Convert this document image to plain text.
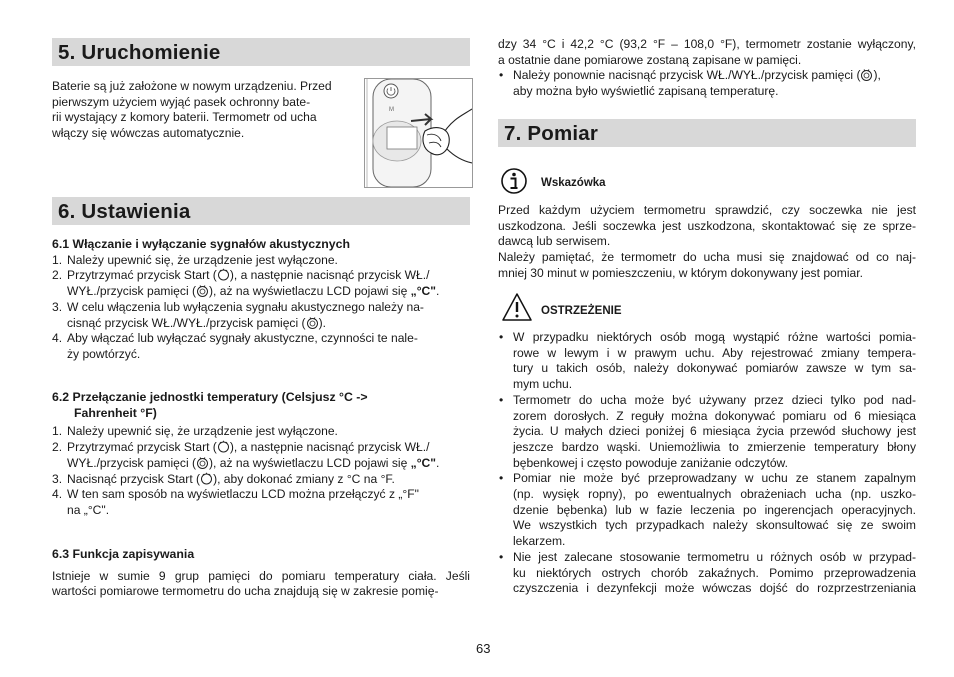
5. Uruchomienie

Baterie są już założone w nowym urządzeniu. Przed

pierwszym użyciem wyjąć pasek ochronny bate-

rii wystający z komory baterii. Termometr od ucha

włączy się wówczas automatycznie.

6. Ustawienia

6.1 Włączanie i wyłączanie sygnałów akustycznych

1. Należy upewnić się, że urządzenie jest wyłączone.
2. Przytrzymać przycisk Start ( ), a następnie nacisnąć przycisk WŁ./
WYŁ./przycisk pamięci ( ), aż na wyświetlaczu LCD pojawi się „°C".
3. W celu włączenia lub wyłączenia sygnału akustycznego należy na-
cisnąć przycisk WŁ./WYŁ./przycisk pamięci ( ).
4. Aby włączać lub wyłączać sygnały akustyczne, czynności te nale-
ży powtórzyć.

6.2 Przełączanie jednostki temperatury (Celsjusz °C ->

Fahrenheit °F)

1. Należy upewnić się, że urządzenie jest wyłączone.
2. Przytrzymać przycisk Start ( ), a następnie nacisnąć przycisk WŁ./
WYŁ./przycisk pamięci ( ), aż na wyświetlaczu LCD pojawi się „°C".
3. Nacisnąć przycisk Start ( ), aby dokonać zmiany z °C na °F.
4. W ten sam sposób na wyświetlaczu LCD można przełączyć z „°F"
na „°C".

6.3 Funkcja zapisywania

Istnieje w sumie 9 grup pamięci do pomiaru temperatury ciała. Jeśli

wartości pomiarowe termometru do ucha znajdują się w zakresie pomię-

M

dzy 34 °C i 42,2 °C (93,2 °F – 108,0 °F), termometr zostanie wyłączony,

a ostatnie dane pomiarowe zostaną zapisane w pamięci.

• Należy ponownie nacisnąć przycisk WŁ./WYŁ./przycisk pamięci ( ),
aby można było wyświetlić zapisaną temperaturę.
7. Pomiar

Wskazówka

Przed każdym użyciem termometru sprawdzić, czy soczewka nie jest

uszkodzona. Jeśli soczewka jest uszkodzona, skontaktować się ze sprze-

dawcą lub serwisem.

Należy pamiętać, że termometr do ucha musi się znajdować od co naj-

mniej 30 minut w pomieszczeniu, w którym dokonywany jest pomiar.

OSTRZEŻENIE

• W przypadku niektórych osób mogą wystąpić różne wartości pomia-

rowe w lewym i w prawym uchu. Aby rejestrować zmiany tempera-

tury u takich osób, należy dokonywać pomiarów zawsze w tym sa-

mym uchu.

• Termometr do ucha może być używany przez dzieci tylko pod nad-

zorem dorosłych. Z reguły można dokonywać pomiaru od 6 miesiąca

życia. U małych dzieci poniżej 6 miesiąca życia przewód słuchowy jest

jeszcze bardzo wąski. Uniemożliwia to zmierzenie temperatury błony

bębenkowej i często powoduje zaniżanie odczytów.

• Pomiar nie może być przeprowadzany w uchu ze stanem zapalnym

(np. wysięk ropny), po ewentualnych obrażeniach ucha (np. uszko-

dzenie bębenka) lub w fazie leczenia po ingerencjach operacyjnych.

We wszystkich tych przypadkach należy skonsultować się ze swoim

lekarzem.

• Nie jest zalecane stosowanie termometru u różnych osób w przypad-

ku niektórych ostrych chorób zakaźnych. Pomimo przeprowadzenia

czyszczenia i dezynfekcji może wówczas dojść do rozprzestrzeniania

63
